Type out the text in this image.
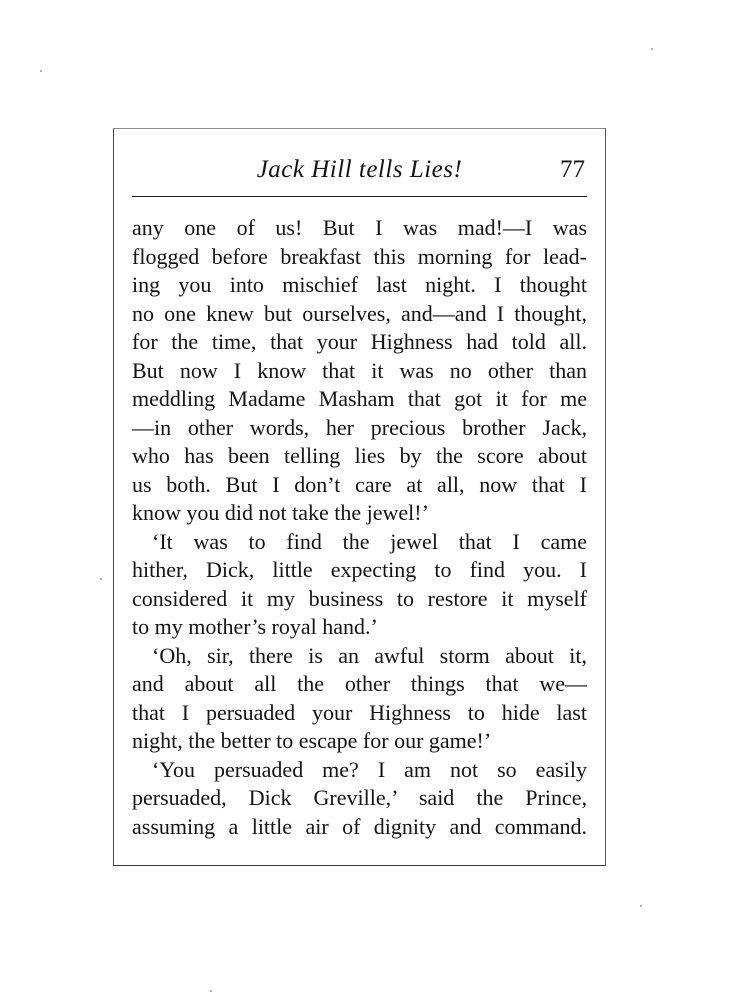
Jack Hill tells Lies!	77
any one of us! But I was mad!—I was
flogged before breakfast this morning for lead-
ing you into mischief last night. I thought
no one knew but ourselves, and—and I thought,
for the time, that your Highness had told all.
But now I know that it was no other than
meddling Madame Masham that got it for me
—in other words, her precious brother Jack,
who has been telling lies by the score about
us both. But I don’t care at all, now that I
know you did not take the jewel!’
‘It was to find the jewel that I came
hither, Dick, little expecting to find you. I
considered it my business to restore it myself
to my mother’s royal hand.’
‘Oh, sir, there is an awful storm about it,
and about all the other things that we—
that I persuaded your Highness to hide last
night, the better to escape for our game!’
‘You persuaded me? I am not so easily
persuaded, Dick Greville,’ said the Prince,
assuming a little air of dignity and command.
